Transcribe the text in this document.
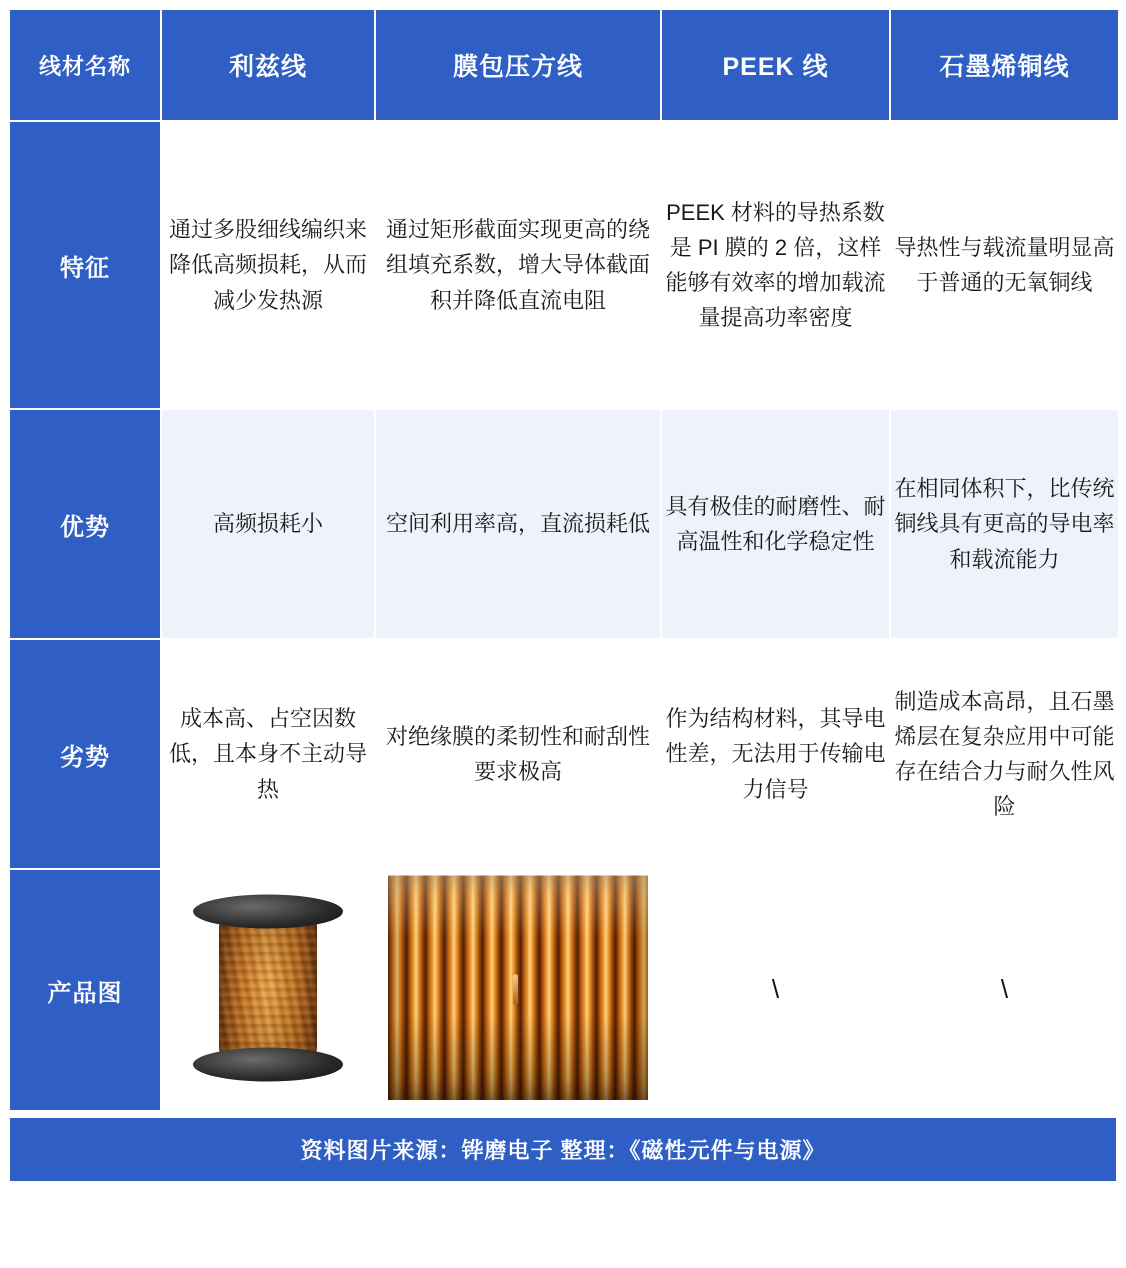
线材名称	利兹线	膜包压方线	PEEK 线	石墨烯铜线
特征	通过多股细线编织来降低高频损耗，从而减少发热源	通过矩形截面实现更高的绕组填充系数，增大导体截面积并降低直流电阻	PEEK 材料的导热系数是 PI 膜的 2 倍，这样能够有效率的增加载流量提高功率密度	导热性与载流量明显高于普通的无氧铜线

优势	高频损耗小	空间利用率高，直流损耗低	具有极佳的耐磨性、耐高温性和化学稳定性	在相同体积下，比传统铜线具有更高的导电率和载流能力

劣势	成本高、占空因数低，且本身不主动导热	对绝缘膜的柔韧性和耐刮性要求极高	作为结构材料，其导电性差，无法用于传输电力信号	制造成本高昂，且石墨烯层在复杂应用中可能存在结合力与耐久性风险

产品图			\	\
资料图片来源：铧磨电子 整理：《磁性元件与电源》
